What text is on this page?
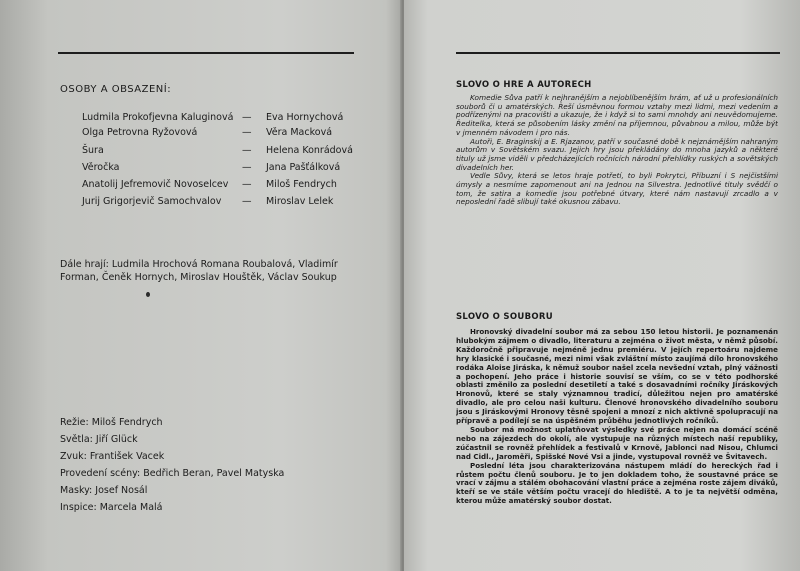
OSOBY A OBSAZENÍ:
Ludmila Prokofjevna Kaluginová — Eva Hornychová
Olga Petrovna Ryžovová	— Věra Macková
Šura	— Helena Konrádová
Věročka	— Jana Pašťálková
Anatolij Jefremovič Novoselcev — Miloš Fendrych
Jurij Grigorjevič Samochvalov — Miroslav Lelek
Dále hrají: Ludmila Hrochová Romana Roubalová, Vladimír Forman, Čeněk Hornych, Miroslav Houštěk, Václav Soukup
Režie: Miloš Fendrych
Světla: Jiří Glück
Zvuk: František Vacek
Provedení scény: Bedřich Beran, Pavel Matyska
Masky: Josef Nosál
Inspice: Marcela Malá
SLOVO O HRE A AUTORECH

Komedie Sůva patří k nejhranějším a nejoblíbenějším hrám, ať už u profesionálních souborů či u amatérských. Řeší úsměvnou formou vztahy mezi lidmi, mezi vedením a podřízenými na pracovišti a ukazuje, že i když si to sami mnohdy ani neuvědomujeme. Ředitelka, která se působením lásky změní na příjemnou, půvabnou a milou, může být v jmenném návodem i pro nás.

Autoři, E. Braginskij a E. Rjazanov, patří v současné době k nejznámějším nahraným autorům v Sovětském svazu. Jejich hry jsou překládány do mnoha jazyků a některé tituly už jsme viděli v předcházejících ročnících národní přehlídky ruských a sovětských divadelních her.

Vedle Sůvy, která se letos hraje potřetí, to byli Pokrytci, Příbuzní i S nejčistšími úmysly a nesmíme zapomenout ani na Jednou na Silvestra. Jednotlivé tituly svědčí o tom, že satira a komedie jsou potřebné útvary, které nám nastavují zrcadlo a v neposlední řadě slibují také okusnou zábavu.

SLOVO O SOUBORU

Hronovský divadelní soubor má za sebou 150 letou historii. Je poznamenán hlubokým zájmem o divadlo, literaturu a zejména o život města, v němž působí. Každoročně připravuje nejméně jednu premiéru. V jejích repertoáru najdeme hry klasické i současné, mezi nimi však zvláštní místo zaujímá dílo hronovského rodáka Aloise Jiráska, k němuž soubor našel zcela nevšední vztah, plný vážnosti a pochopení. Jeho práce i historie souvisí se vším, co se v této podhorské oblasti změnilo za poslední desetiletí a také s dosavadními ročníky Jiráskových Hronovů, které se staly významnou tradicí, důležitou nejen pro amatérské divadlo, ale pro celou naši kulturu. Členové hronovského divadelního souboru jsou s Jiráskovými Hronovy těsně spojeni a mnozí z nich aktivně spolupracují na přípravě a podílejí se na úspěšném průběhu jednotlivých ročníků.

Soubor má možnost uplatňovat výsledky své práce nejen na domácí scéně nebo na zájezdech do okolí, ale vystupuje na různých místech naší republiky, zúčastnil se rovněž přehlídek a festivalů v Krnově, Jablonci nad Nisou, Chlumci nad Cidl., Jaroměři, Spišské Nové Vsi a jinde, vystupoval rovněž ve Švitavech.

Poslední léta jsou charakterizována nástupem mládí do hereckých řad i růstem počtu členů souboru. Je to jen dokladem toho, že soustavné práce se vrací v zájmu a stálém obohacování vlastní práce a zejména roste zájem diváků, kteří se ve stále větším počtu vracejí do hlediště. A to je ta největší odměna, kterou může amatérský soubor dostat.
